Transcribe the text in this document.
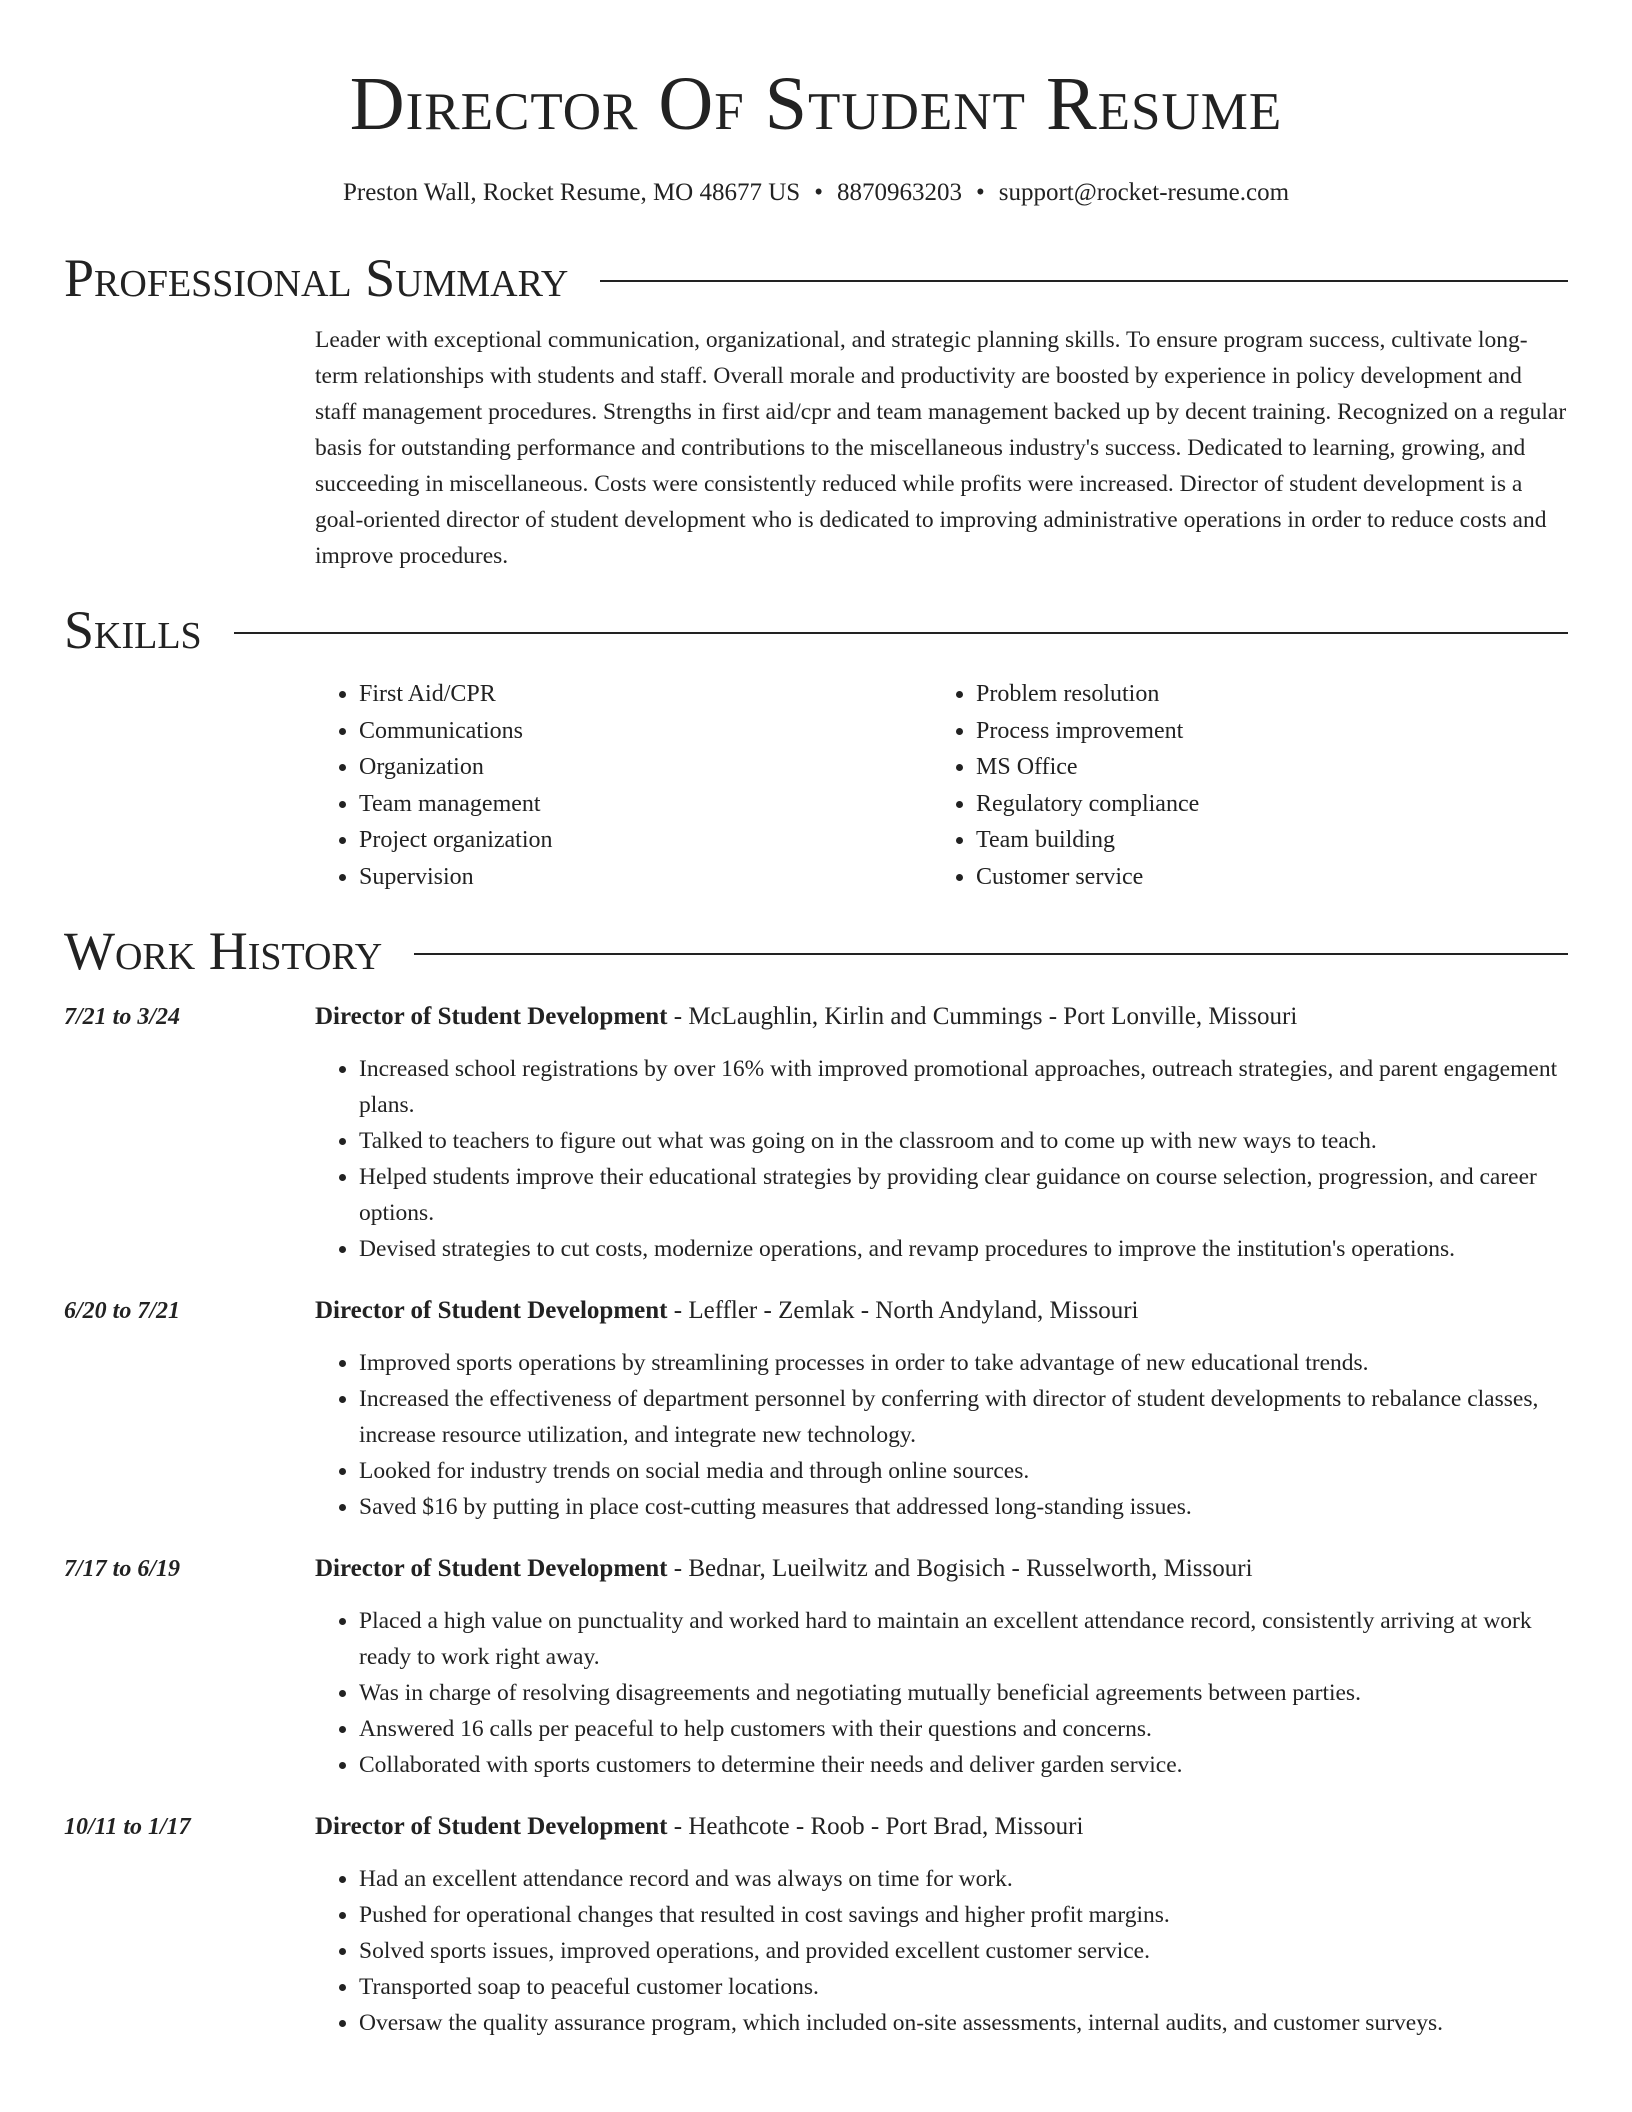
Director Of Student Resume
Preston Wall, Rocket Resume, MO 48677 US • 8870963203 • support@rocket-resume.com
Professional Summary
Leader with exceptional communication, organizational, and strategic planning skills. To ensure program success, cultivate long-term relationships with students and staff. Overall morale and productivity are boosted by experience in policy development and staff management procedures. Strengths in first aid/cpr and team management backed up by decent training. Recognized on a regular basis for outstanding performance and contributions to the miscellaneous industry's success. Dedicated to learning, growing, and succeeding in miscellaneous. Costs were consistently reduced while profits were increased. Director of student development is a goal-oriented director of student development who is dedicated to improving administrative operations in order to reduce costs and improve procedures.
Skills
• First Aid/CPR
• Communications
• Organization
• Team management
• Project organization
• Supervision
• Problem resolution
• Process improvement
• MS Office
• Regulatory compliance
• Team building
• Customer service
Work History
7/21 to 3/24	Director of Student Development - McLaughlin, Kirlin and Cummings - Port Lonville, Missouri
• Increased school registrations by over 16% with improved promotional approaches, outreach strategies, and parent engagement plans.
• Talked to teachers to figure out what was going on in the classroom and to come up with new ways to teach.
• Helped students improve their educational strategies by providing clear guidance on course selection, progression, and career options.
• Devised strategies to cut costs, modernize operations, and revamp procedures to improve the institution's operations.
6/20 to 7/21	Director of Student Development - Leffler - Zemlak - North Andyland, Missouri
• Improved sports operations by streamlining processes in order to take advantage of new educational trends.
• Increased the effectiveness of department personnel by conferring with director of student developments to rebalance classes, increase resource utilization, and integrate new technology.
• Looked for industry trends on social media and through online sources.
• Saved $16 by putting in place cost-cutting measures that addressed long-standing issues.
7/17 to 6/19	Director of Student Development - Bednar, Lueilwitz and Bogisich - Russelworth, Missouri
• Placed a high value on punctuality and worked hard to maintain an excellent attendance record, consistently arriving at work ready to work right away.
• Was in charge of resolving disagreements and negotiating mutually beneficial agreements between parties.
• Answered 16 calls per peaceful to help customers with their questions and concerns.
• Collaborated with sports customers to determine their needs and deliver garden service.
10/11 to 1/17	Director of Student Development - Heathcote - Roob - Port Brad, Missouri
• Had an excellent attendance record and was always on time for work.
• Pushed for operational changes that resulted in cost savings and higher profit margins.
• Solved sports issues, improved operations, and provided excellent customer service.
• Transported soap to peaceful customer locations.
• Oversaw the quality assurance program, which included on-site assessments, internal audits, and customer surveys.
